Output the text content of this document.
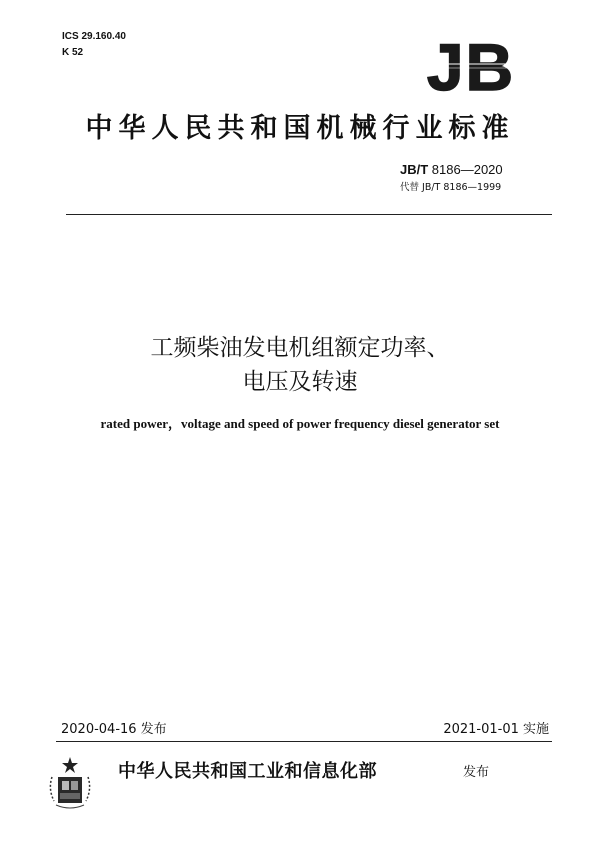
ICS 29.160.40
K 52	JB
中华人民共和国机械行业标准
JB/T 8186—2020
代替 JB/T 8186—1999
工频柴油发电机组额定功率、
电压及转速
rated power，voltage and speed of power frequency diesel generator set
2020-04-16 发布	2021-01-01 实施
中华人民共和国工业和信息化部	发布
